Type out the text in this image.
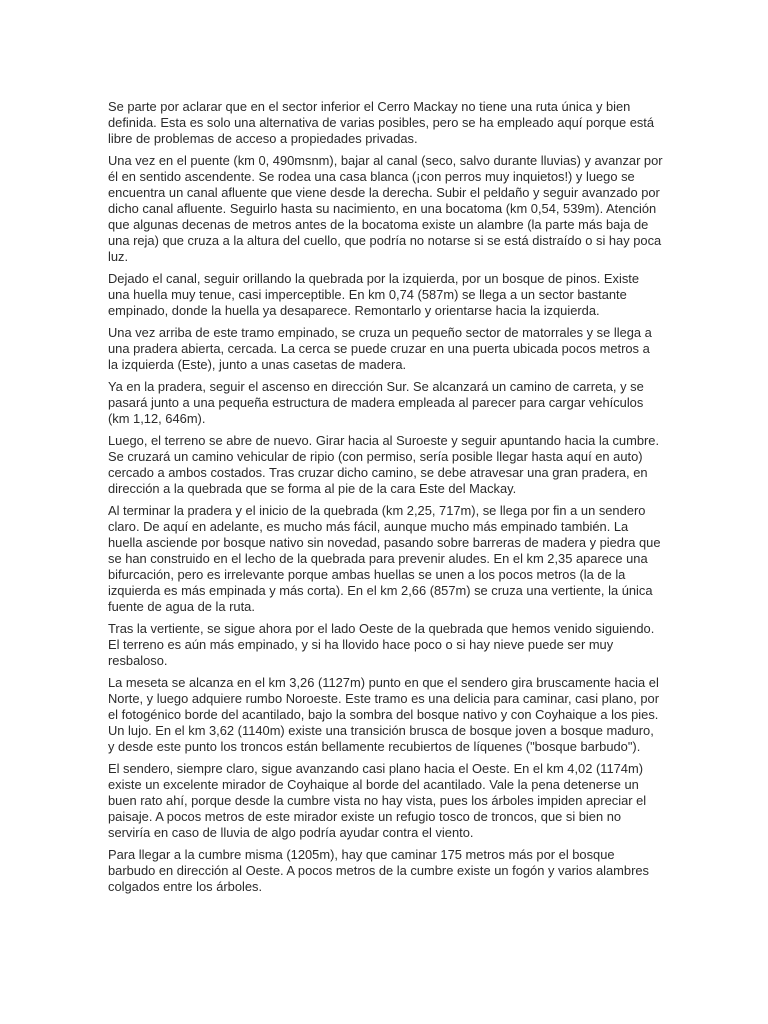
Se parte por aclarar que en el sector inferior el Cerro Mackay no tiene una ruta única y bien definida. Esta es solo una alternativa de varias posibles, pero se ha empleado aquí porque está libre de problemas de acceso a propiedades privadas.

Una vez en el puente (km 0, 490msnm), bajar al canal (seco, salvo durante lluvias) y avanzar por él en sentido ascendente. Se rodea una casa blanca (¡con perros muy inquietos!) y luego se encuentra un canal afluente que viene desde la derecha. Subir el peldaño y seguir avanzado por dicho canal afluente. Seguirlo hasta su nacimiento, en una bocatoma (km 0,54, 539m). Atención que algunas decenas de metros antes de la bocatoma existe un alambre (la parte más baja de una reja) que cruza a la altura del cuello, que podría no notarse si se está distraído o si hay poca luz.

Dejado el canal, seguir orillando la quebrada por la izquierda, por un bosque de pinos. Existe una huella muy tenue, casi imperceptible. En km 0,74 (587m) se llega a un sector bastante empinado, donde la huella ya desaparece. Remontarlo y orientarse hacia la izquierda.

Una vez arriba de este tramo empinado, se cruza un pequeño sector de matorrales y se llega a una pradera abierta, cercada. La cerca se puede cruzar en una puerta ubicada pocos metros a la izquierda (Este), junto a unas casetas de madera.

Ya en la pradera, seguir el ascenso en dirección Sur. Se alcanzará un camino de carreta, y se pasará junto a una pequeña estructura de madera empleada al parecer para cargar vehículos (km 1,12, 646m).

Luego, el terreno se abre de nuevo. Girar hacia al Suroeste y seguir apuntando hacia la cumbre. Se cruzará un camino vehicular de ripio (con permiso, sería posible llegar hasta aquí en auto) cercado a ambos costados. Tras cruzar dicho camino, se debe atravesar una gran pradera, en dirección a la quebrada que se forma al pie de la cara Este del Mackay.

Al terminar la pradera y el inicio de la quebrada (km 2,25, 717m), se llega por fin a un sendero claro. De aquí en adelante, es mucho más fácil, aunque mucho más empinado también. La huella asciende por bosque nativo sin novedad, pasando sobre barreras de madera y piedra que se han construido en el lecho de la quebrada para prevenir aludes. En el km 2,35 aparece una bifurcación, pero es irrelevante porque ambas huellas se unen a los pocos metros (la de la izquierda es más empinada y más corta). En el km 2,66 (857m) se cruza una vertiente, la única fuente de agua de la ruta.

Tras la vertiente, se sigue ahora por el lado Oeste de la quebrada que hemos venido siguiendo. El terreno es aún más empinado, y si ha llovido hace poco o si hay nieve puede ser muy resbaloso.

La meseta se alcanza en el km 3,26 (1127m) punto en que el sendero gira bruscamente hacia el Norte, y luego adquiere rumbo Noroeste. Este tramo es una delicia para caminar, casi plano, por el fotogénico borde del acantilado, bajo la sombra del bosque nativo y con Coyhaique a los pies. Un lujo. En el km 3,62 (1140m) existe una transición brusca de bosque joven a bosque maduro, y desde este punto los troncos están bellamente recubiertos de líquenes ("bosque barbudo").

El sendero, siempre claro, sigue avanzando casi plano hacia el Oeste. En el km 4,02 (1174m) existe un excelente mirador de Coyhaique al borde del acantilado. Vale la pena detenerse un buen rato ahí, porque desde la cumbre vista no hay vista, pues los árboles impiden apreciar el paisaje. A pocos metros de este mirador existe un refugio tosco de troncos, que si bien no serviría en caso de lluvia de algo podría ayudar contra el viento.

Para llegar a la cumbre misma (1205m), hay que caminar 175 metros más por el bosque barbudo en dirección al Oeste. A pocos metros de la cumbre existe un fogón y varios alambres colgados entre los árboles.
